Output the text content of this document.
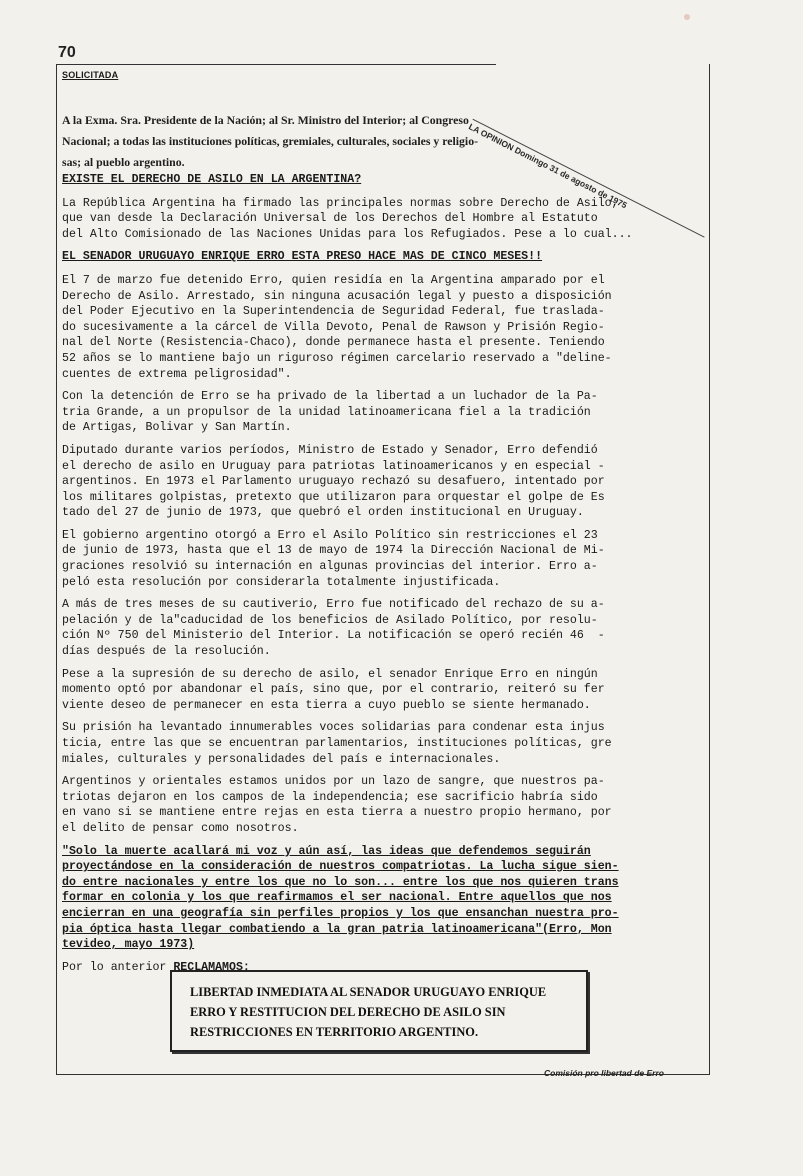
70
SOLICITADA
LA OPINION Domingo 31 de agosto de 1975
A la Exma. Sra. Presidente de la Nación; al Sr. Ministro del Interior; al Congreso
Nacional; a todas las instituciones políticas, gremiales, culturales, sociales y religio-
sas; al pueblo argentino.
EXISTE EL DERECHO DE ASILO EN LA ARGENTINA?
La República Argentina ha firmado las principales normas sobre Derecho de Asilo,
que van desde la Declaración Universal de los Derechos del Hombre al Estatuto
del Alto Comisionado de las Naciones Unidas para los Refugiados. Pese a lo cual...
EL SENADOR URUGUAYO ENRIQUE ERRO ESTA PRESO HACE MAS DE CINCO MESES!!
El 7 de marzo fue detenido Erro, quien residía en la Argentina amparado por el
Derecho de Asilo. Arrestado, sin ninguna acusación legal y puesto a disposición
del Poder Ejecutivo en la Superintendencia de Seguridad Federal, fue traslada-
do sucesivamente a la cárcel de Villa Devoto, Penal de Rawson y Prisión Regio-
nal del Norte (Resistencia-Chaco), donde permanece hasta el presente. Teniendo
52 años se lo mantiene bajo un riguroso régimen carcelario reservado a "deline-
cuentes de extrema peligrosidad".
Con la detención de Erro se ha privado de la libertad a un luchador de la Pa-
tria Grande, a un propulsor de la unidad latinoamericana fiel a la tradición
de Artigas, Bolivar y San Martín.
Diputado durante varios períodos, Ministro de Estado y Senador, Erro defendió
el derecho de asilo en Uruguay para patriotas latinoamericanos y en especial -
argentinos. En 1973 el Parlamento uruguayo rechazó su desafuero, intentado por
los militares golpistas, pretexto que utilizaron para orquestar el golpe de Es
tado del 27 de junio de 1973, que quebró el orden institucional en Uruguay.
El gobierno argentino otorgó a Erro el Asilo Político sin restricciones el 23
de junio de 1973, hasta que el 13 de mayo de 1974 la Dirección Nacional de Mi-
graciones resolvió su internación en algunas provincias del interior. Erro a-
peló esta resolución por considerarla totalmente injustificada.
A más de tres meses de su cautiverio, Erro fue notificado del rechazo de su a-
pelación y de la"caducidad de los beneficios de Asilado Político, por resolu-
ción Nº 750 del Ministerio del Interior. La notificación se operó recién 46  -
días después de la resolución.
Pese a la supresión de su derecho de asilo, el senador Enrique Erro en ningún
momento optó por abandonar el país, sino que, por el contrario, reiteró su fer
viente deseo de permanecer en esta tierra a cuyo pueblo se siente hermanado.
Su prisión ha levantado innumerables voces solidarias para condenar esta injus
ticia, entre las que se encuentran parlamentarios, instituciones políticas, gre
miales, culturales y personalidades del país e internacionales.
Argentinos y orientales estamos unidos por un lazo de sangre, que nuestros pa-
triotas dejaron en los campos de la independencia; ese sacrificio habría sido
en vano si se mantiene entre rejas en esta tierra a nuestro propio hermano, por
el delito de pensar como nosotros.
"Solo la muerte acallará mi voz y aún así, las ideas que defendemos seguirán
proyectándose en la consideración de nuestros compatriotas. La lucha sigue sien-
do entre nacionales y entre los que no lo son... entre los que nos quieren trans
formar en colonia y los que reafirmamos el ser nacional. Entre aquellos que nos
encierran en una geografía sin perfiles propios y los que ensanchan nuestra pro-
pia óptica hasta llegar combatiendo a la gran patria latinoamericana"(Erro, Mon
tevideo, mayo 1973)
Por lo anterior RECLAMAMOS:
LIBERTAD INMEDIATA AL SENADOR URUGUAYO ENRIQUE
ERRO Y RESTITUCION DEL DERECHO DE ASILO SIN
RESTRICCIONES EN TERRITORIO ARGENTINO.
Comisión pro libertad de Erro
